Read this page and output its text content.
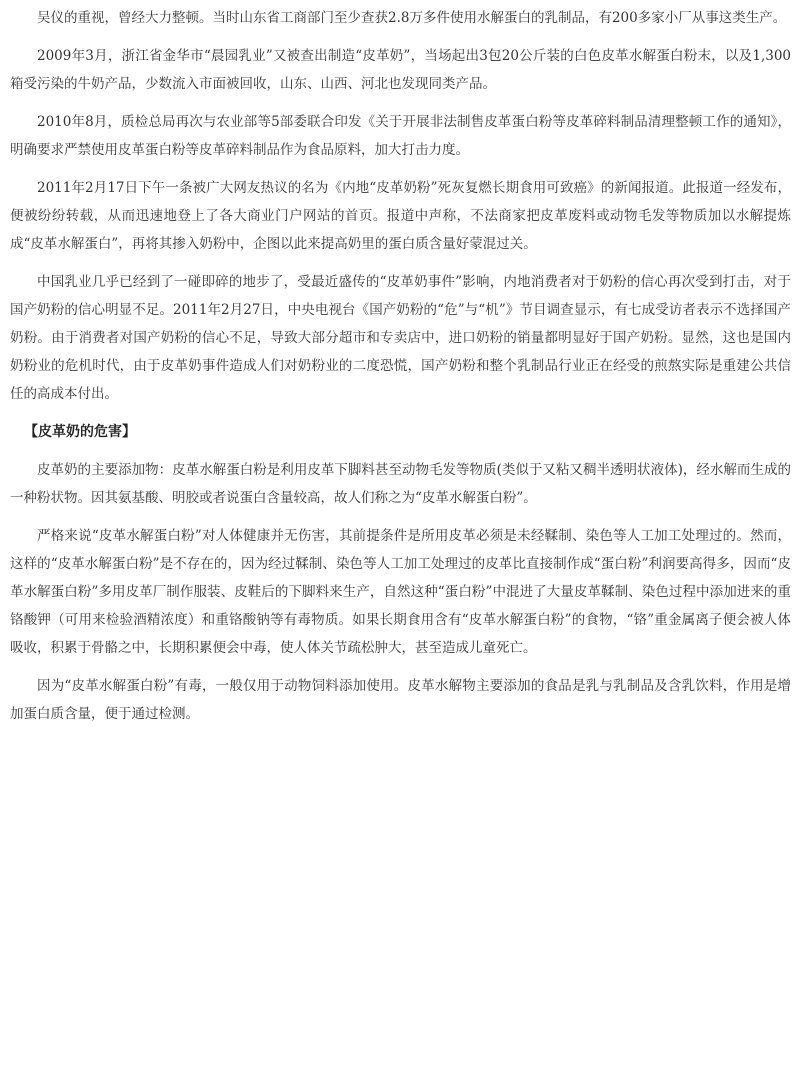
吴仪的重视，曾经大力整顿。当时山东省工商部门至少查获2.8万多件使用水解蛋白的乳制品，有200多家小厂从事这类生产。

2009年3月，浙江省金华市“晨园乳业”又被查出制造“皮革奶”，当场起出3包20公斤装的白色皮革水解蛋白粉末，以及1,300箱受污染的牛奶产品，少数流入市面被回收，山东、山西、河北也发现同类产品。

2010年8月，质检总局再次与农业部等5部委联合印发《关于开展非法制售皮革蛋白粉等皮革碎料制品清理整顿工作的通知》，明确要求严禁使用皮革蛋白粉等皮革碎料制品作为食品原料，加大打击力度。

2011年2月17日下午一条被广大网友热议的名为《内地“皮革奶粉”死灰复燃长期食用可致癌》的新闻报道。此报道一经发布，便被纷纷转载，从而迅速地登上了各大商业门户网站的首页。报道中声称，不法商家把皮革废料或动物毛发等物质加以水解提炼成“皮革水解蛋白”，再将其掺入奶粉中，企图以此来提高奶里的蛋白质含量好蒙混过关。

中国乳业几乎已经到了一碰即碎的地步了，受最近盛传的“皮革奶事件”影响，内地消费者对于奶粉的信心再次受到打击，对于国产奶粉的信心明显不足。2011年2月27日，中央电视台《国产奶粉的“危”与“机”》节目调查显示，有七成受访者表示不选择国产奶粉。由于消费者对国产奶粉的信心不足，导致大部分超市和专卖店中，进口奶粉的销量都明显好于国产奶粉。显然，这也是国内奶粉业的危机时代，由于皮革奶事件造成人们对奶粉业的二度恐慌，国产奶粉和整个乳制品行业正在经受的煎熬实际是重建公共信任的高成本付出。

【皮革奶的危害】

皮革奶的主要添加物：皮革水解蛋白粉是利用皮革下脚料甚至动物毛发等物质(类似于又粘又稠半透明状液体)，经水解而生成的一种粉状物。因其氨基酸、明胶或者说蛋白含量较高，故人们称之为“皮革水解蛋白粉”。

严格来说“皮革水解蛋白粉”对人体健康并无伤害，其前提条件是所用皮革必须是未经鞣制、染色等人工加工处理过的。然而，这样的“皮革水解蛋白粉”是不存在的，因为经过鞣制、染色等人工加工处理过的皮革比直接制作成“蛋白粉”利润要高得多，因而“皮革水解蛋白粉”多用皮革厂制作服装、皮鞋后的下脚料来生产，自然这种“蛋白粉”中混进了大量皮革鞣制、染色过程中添加进来的重铬酸钾（可用来检验酒精浓度）和重铬酸钠等有毒物质。如果长期食用含有“皮革水解蛋白粉”的食物，“铬”重金属离子便会被人体吸收，积累于骨骼之中，长期积累便会中毒，使人体关节疏松肿大，甚至造成儿童死亡。

因为“皮革水解蛋白粉”有毒，一般仅用于动物饲料添加使用。皮革水解物主要添加的食品是乳与乳制品及含乳饮料，作用是增加蛋白质含量，便于通过检测。
